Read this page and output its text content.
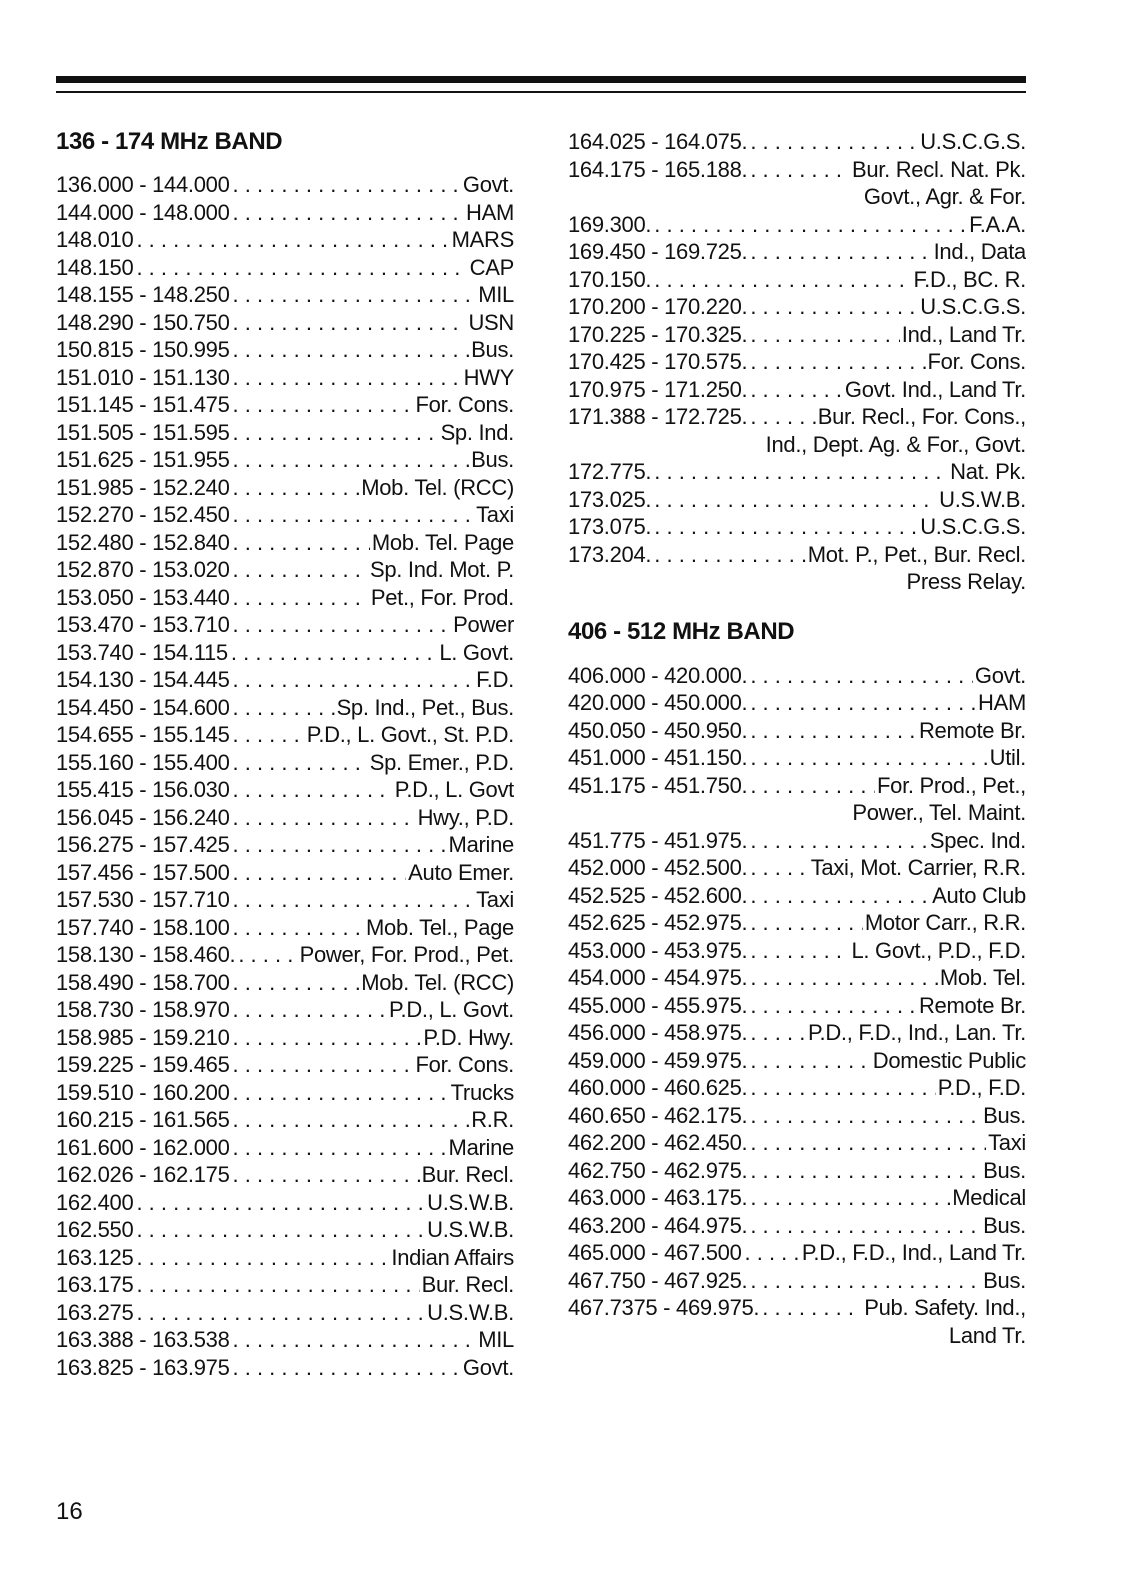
136 - 174 MHz BAND
136.000 - 144.000 . . .	Govt.
144.000 - 148.000 . . .	HAM
148.010 . . .	MARS
148.150 . . .	CAP
148.155 - 148.250 . . .	MIL
148.290 - 150.750 . . .	USN
150.815 - 150.995 . . .	Bus.
151.010 - 151.130 . . .	HWY
151.145 - 151.475 . . .	For. Cons.
151.505 - 151.595 . . .	Sp. Ind.
151.625 - 151.955 . . .	Bus.
151.985 - 152.240 . . .	Mob. Tel. (RCC)
152.270 - 152.450 . . .	Taxi
152.480 - 152.840 . . .	Mob. Tel. Page
152.870 - 153.020 . . .	Sp. Ind. Mot. P.
153.050 - 153.440 . . .	Pet., For. Prod.
153.470 - 153.710 . . .	Power
153.740 - 154.115 . . .	L. Govt.
154.130 - 154.445 . . .	F.D.
154.450 - 154.600 . . .	Sp. Ind., Pet., Bus.
154.655 - 155.145 . . .	P.D., L. Govt., St. P.D.
155.160 - 155.400 . . .	Sp. Emer., P.D.
155.415 - 156.030 . . .	P.D., L. Govt
156.045 - 156.240 . . .	Hwy., P.D.
156.275 - 157.425 . . .	Marine
157.456 - 157.500 . . .	Auto Emer.
157.530 - 157.710 . . .	Taxi
157.740 - 158.100 . . .	Mob. Tel., Page
158.130 - 158.460. . . .	Power, For. Prod., Pet.
158.490 - 158.700 . . .	Mob. Tel. (RCC)
158.730 - 158.970 . . .	P.D., L. Govt.
158.985 - 159.210 . . .	P.D. Hwy.
159.225 - 159.465 . . .	For. Cons.
159.510 - 160.200 . . .	Trucks
160.215 - 161.565 . . .	R.R.
161.600 - 162.000 . . .	Marine
162.026 - 162.175 . . .	Bur. Recl.
162.400 . . .	U.S.W.B.
162.550 . . .	U.S.W.B.
163.125 . . .	Indian Affairs
163.175 . . .	Bur. Recl.
163.275 . . .	U.S.W.B.
163.388 - 163.538 . . .	MIL
163.825 - 163.975 . . .	Govt.
164.025 - 164.075. . . .	U.S.C.G.S.
164.175 - 165.188. . . .	Bur. Recl. Nat. Pk.
Govt., Agr. & For.
169.300. . . .	F.A.A.
169.450 - 169.725. . . .	Ind., Data
170.150. . . .	F.D., BC. R.
170.200 - 170.220. . . .	U.S.C.G.S.
170.225 - 170.325. . . .	Ind., Land Tr.
170.425 - 170.575. . . .	For. Cons.
170.975 - 171.250. . . .	Govt. Ind., Land Tr.
171.388 - 172.725. . . .	Bur. Recl., For. Cons.,
Ind., Dept. Ag. & For., Govt.
172.775. . . .	Nat. Pk.
173.025. . . .	U.S.W.B.
173.075. . . .	U.S.C.G.S.
173.204. . . .	Mot. P., Pet., Bur. Recl.
Press Relay.
406 - 512 MHz BAND
406.000 - 420.000. . . .	Govt.
420.000 - 450.000. . . .	HAM
450.050 - 450.950. . . .	Remote Br.
451.000 - 451.150. . . .	Util.
451.175 - 451.750. . . .	For. Prod., Pet.,
Power., Tel. Maint.
451.775 - 451.975. . . .	Spec. Ind.
452.000 - 452.500. . . .	Taxi, Mot. Carrier, R.R.
452.525 - 452.600. . . .	Auto Club
452.625 - 452.975. . . .	Motor Carr., R.R.
453.000 - 453.975. . . .	L. Govt., P.D., F.D.
454.000 - 454.975. . . .	Mob. Tel.
455.000 - 455.975. . . .	Remote Br.
456.000 - 458.975. . . .	P.D., F.D., Ind., Lan. Tr.
459.000 - 459.975. . . .	Domestic Public
460.000 - 460.625. . . .	P.D., F.D.
460.650 - 462.175. . . .	Bus.
462.200 - 462.450. . . .	Taxi
462.750 - 462.975. . . .	Bus.
463.000 - 463.175. . . .	Medical
463.200 - 464.975. . . .	Bus.
465.000 - 467.500 . . .	P.D., F.D., Ind., Land Tr.
467.750 - 467.925. . . .	Bus.
467.7375 - 469.975. . . .	Pub. Safety. Ind.,
Land Tr.
16
